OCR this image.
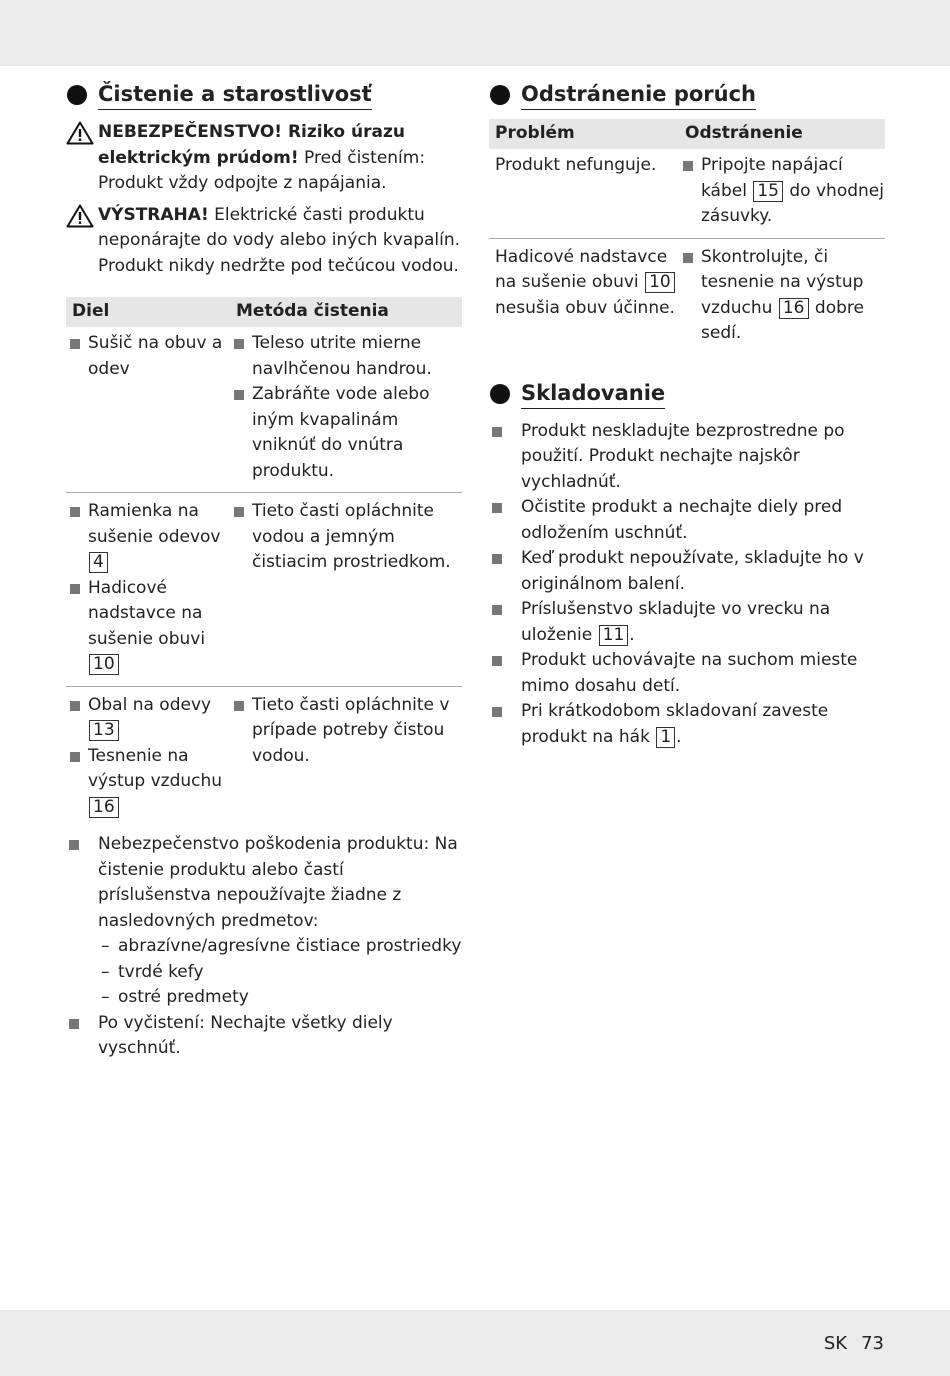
Čistenie a starostlivosť
NEBEZPEČENSTVO! Riziko úrazu elektrickým prúdom! Pred čistením: Produkt vždy odpojte z napájania.
VÝSTRAHA! Elektrické časti produktu neponárajte do vody alebo iných kvapalín. Produkt nikdy nedržte pod tečúcou vodou.
Diel	Metóda čistenia

Sušič na obuv a odev	Teleso utrite mierne navlhčenou handrou.
Zabráňte vode alebo iným kvapalinám vniknúť do vnútra produktu.

Ramienka na sušenie odevov
4
Hadicové nadstavce na sušenie obuvi
10	Tieto časti opláchnite vodou a jemným čistiacim prostriedkom.

Obal na odevy
13
Tesnenie na výstup vzduchu
16	Tieto časti opláchnite v prípade potreby čistou vodou.
Nebezpečenstvo poškodenia produktu: Na čistenie produktu alebo častí príslušenstva nepoužívajte žiadne z nasledovných predmetov:
– abrazívne/agresívne čistiace prostriedky
– tvrdé kefy
– ostré predmety
Po vyčistení: Nechajte všetky diely vyschnúť.
Odstránenie porúch
Problém	Odstránenie
Produkt nefunguje.	Pripojte napájací kábel 15 do vhodnej zásuvky.

Hadicové nadstavce na sušenie obuvi 10 nesušia obuv účinne.	Skontrolujte, či tesnenie na výstup vzduchu 16 dobre sedí.
Skladovanie
Produkt neskladujte bezprostredne po použití. Produkt nechajte najskôr vychladnúť.
Očistite produkt a nechajte diely pred odložením uschnúť.
Keď produkt nepoužívate, skladujte ho v originálnom balení.
Príslušenstvo skladujte vo vrecku na uloženie 11 .
Produkt uchovávajte na suchom mieste mimo dosahu detí.
Pri krátkodobom skladovaní zaveste produkt na hák 1 .
SK 73
